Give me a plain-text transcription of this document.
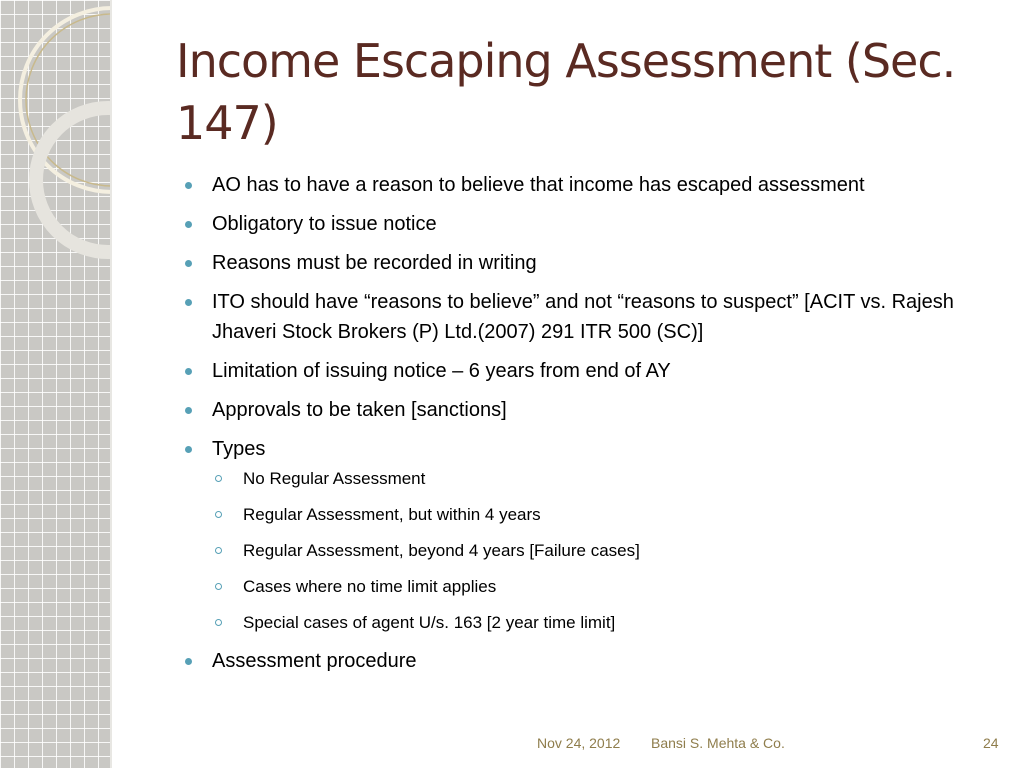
Income Escaping Assessment (Sec. 147)
AO has to have a reason to believe that income has escaped assessment
Obligatory to issue notice
Reasons must be recorded in writing
ITO should have “reasons to believe” and not “reasons to suspect” [ACIT vs. Rajesh Jhaveri Stock Brokers (P) Ltd.(2007) 291 ITR 500 (SC)]
Limitation of issuing notice – 6 years from end of AY
Approvals to be taken [sanctions]
Types
No Regular Assessment
Regular Assessment, but within 4 years
Regular Assessment, beyond 4 years [Failure cases]
Cases where no time limit applies
Special cases of agent U/s. 163 [2 year time limit]
Assessment procedure
Nov 24, 2012 Bansi S. Mehta & Co.	24
